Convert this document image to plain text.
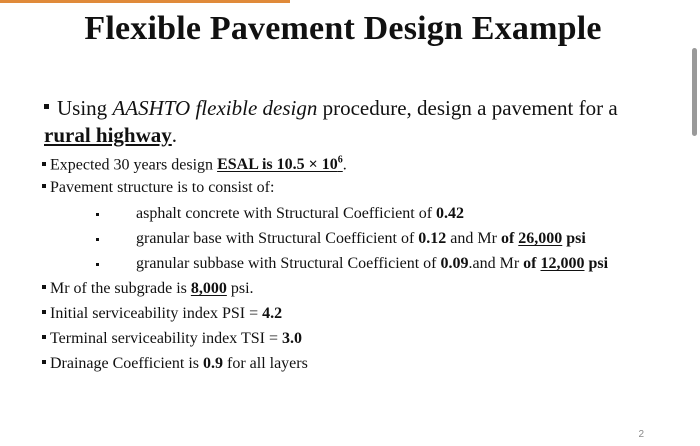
Flexible Pavement Design Example
Using AASHTO flexible design procedure, design a pavement for a
rural highway.
Expected 30 years design ESAL is $10.5 \times 10^6$.
Pavement structure is to consist of:
asphalt concrete with Structural Coefficient of 0.42
granular base with Structural Coefficient of 0.12 and Mr of 26,000 psi
granular subbase with Structural Coefficient of 0.09.and Mr of 12,000 psi
Mr of the subgrade is 8,000 psi.
Initial serviceability index PSI = 4.2
Terminal serviceability index TSI = 3.0
Drainage Coefficient is 0.9 for all layers
2
